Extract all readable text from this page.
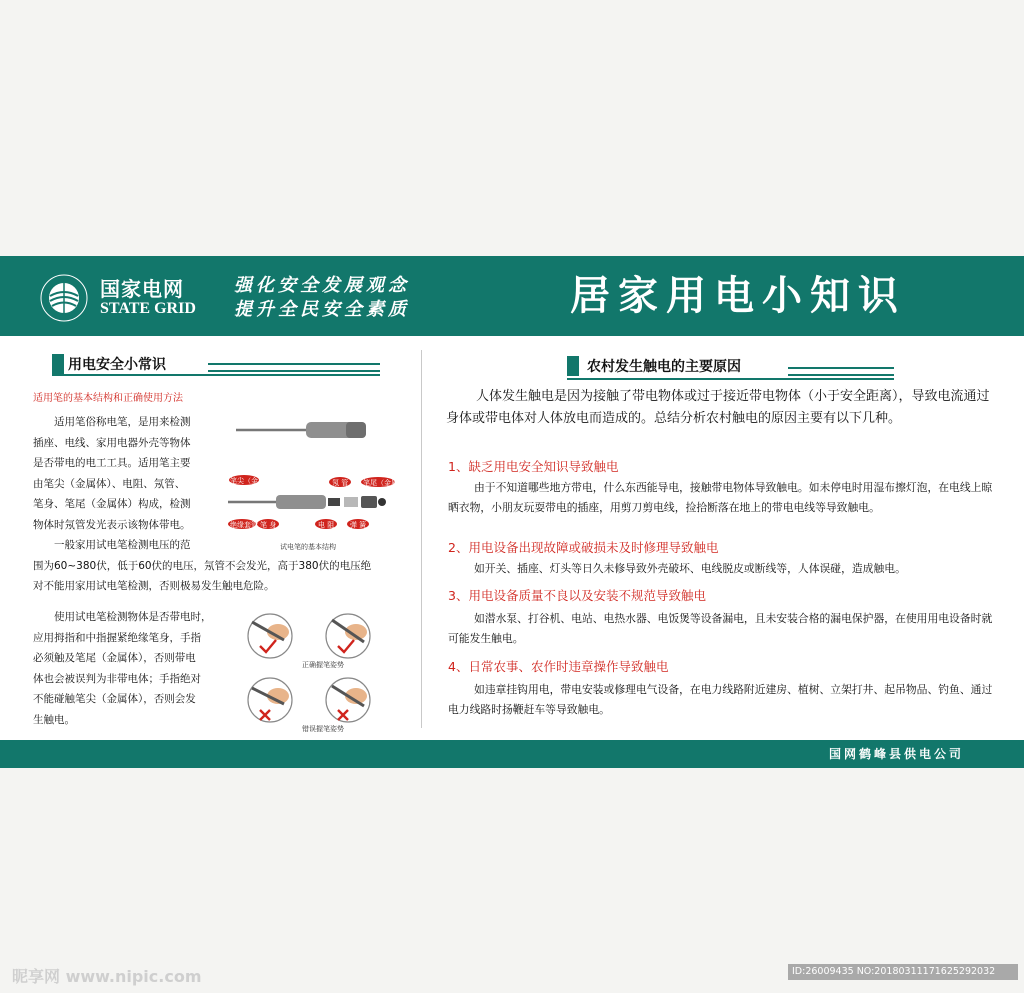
国家电网
STATE GRID
强化安全发展观念
提升全民安全素质	居家用电小知识
用电安全小常识
适用笔的基本结构和正确使用方法
适用笔俗称电笔，是用来检测
插座、电线、家用电器外壳等物体
是否带电的电工工具。适用笔主要
由笔尖（金属体）、电阻、氖管、
笔身、笔尾（金属体）构成，检测
物体时氖管发光表示该物体带电。
一般家用试电笔检测电压的范
围为60~380伏，低于60伏的电压，氖管不会发光，高于380伏的电压绝
对不能用家用试电笔检测，否则极易发生触电危险。
笔尖（金属体）	氖 管 笔尾（金属体）
绝缘套管 笔 身	电 阻 弹 簧
试电笔的基本结构
使用试电笔检测物体是否带电时，
应用拇指和中指握紧绝缘笔身，手指
必须触及笔尾（金属体），否则带电
体也会被误判为非带电体；手指绝对
不能碰触笔尖（金属体），否则会发
生触电。
正确握笔姿势
错误握笔姿势
农村发生触电的主要原因
人体发生触电是因为接触了带电物体或过于接近带电物体（小于安全距离），导致电流通过身体或带电体对人体放电而造成的。总结分析农村触电的原因主要有以下几种。
1、缺乏用电安全知识导致触电
由于不知道哪些地方带电，什么东西能导电，接触带电物体导致触电。如未停电时用湿布擦灯泡，在电线上晾晒衣物，小朋友玩耍带电的插座，用剪刀剪电线，捡拾断落在地上的带电电线等导致触电。
2、用电设备出现故障或破损未及时修理导致触电
如开关、插座、灯头等日久未修导致外壳破坏、电线脱皮或断线等，人体误碰，造成触电。
3、用电设备质量不良以及安装不规范导致触电
如潜水泵、打谷机、电站、电热水器、电饭煲等设备漏电，且未安装合格的漏电保护器，在使用用电设备时就可能发生触电。
4、日常农事、农作时违章操作导致触电
如违章挂钩用电，带电安装或修理电气设备，在电力线路附近建房、植树、立架打井、起吊物品、钓鱼、通过电力线路时扬鞭赶车等导致触电。
国网鹤峰县供电公司
昵享网 www.nipic.com	ID:26009435 NO:20180311171625292032
